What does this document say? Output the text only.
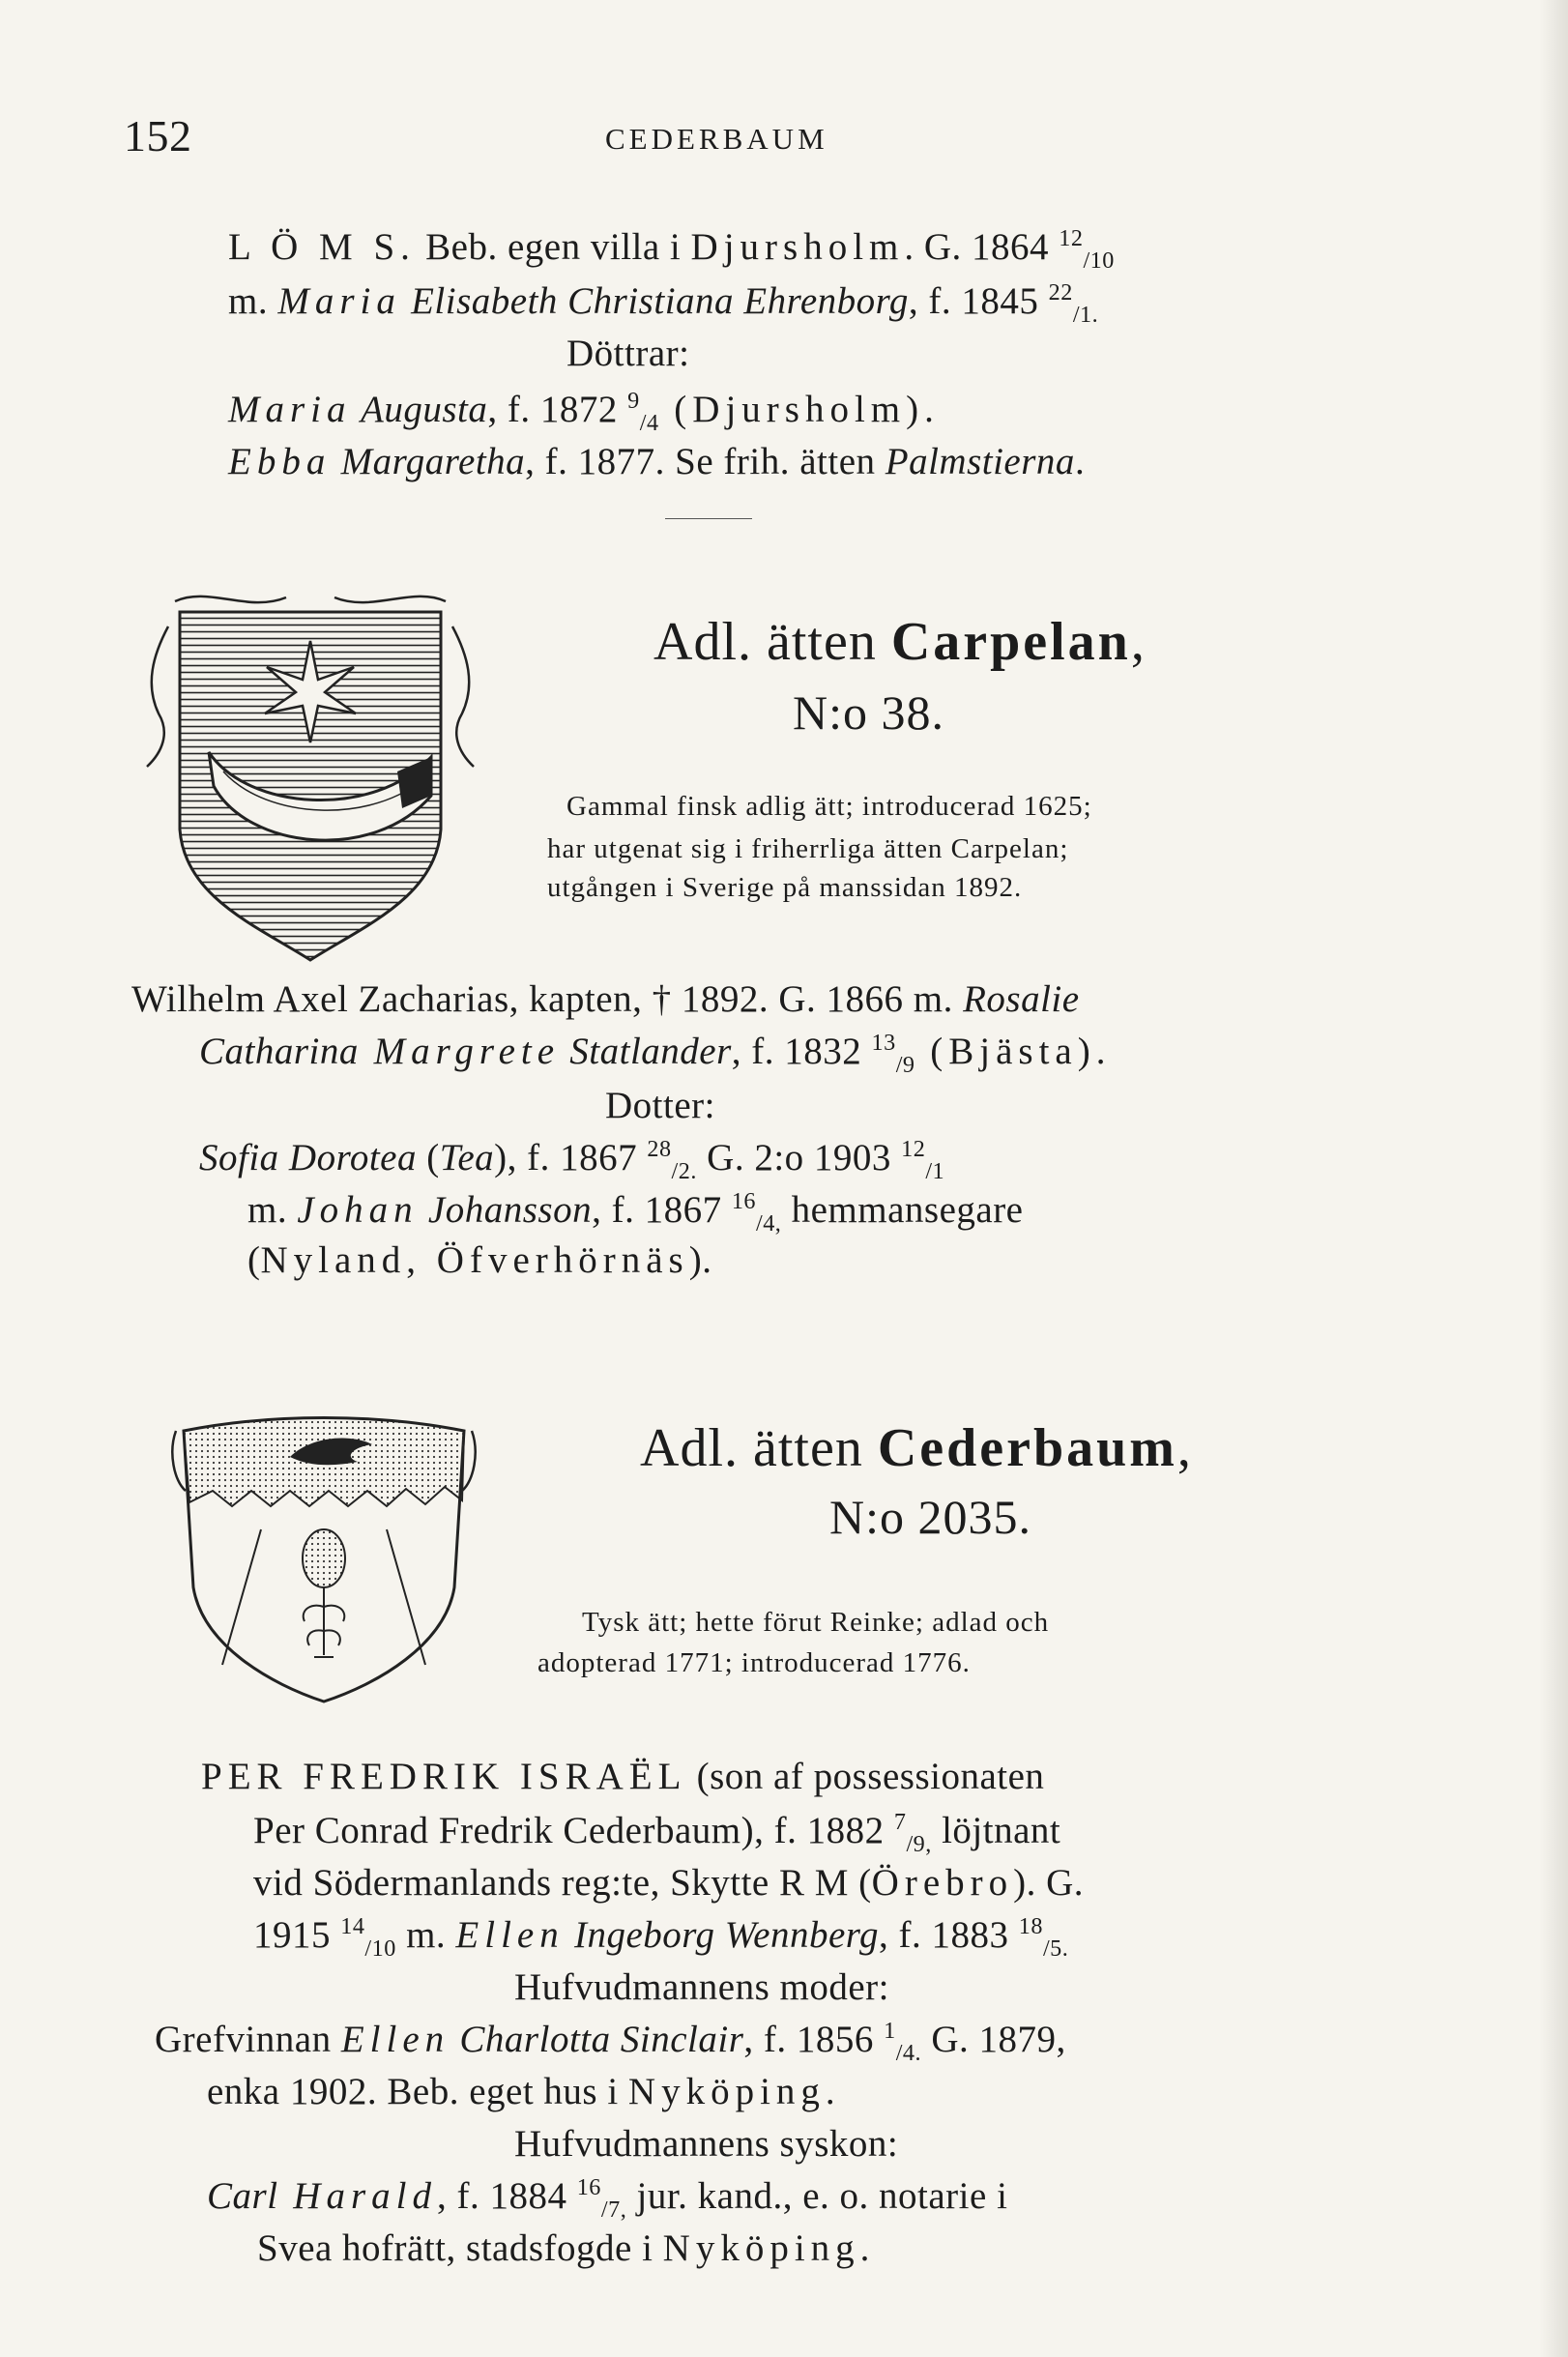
152	CEDERBAUM
L Ö M S. Beb. egen villa i Djursholm. G. 1864 $^{12}_{/10}$
m. Maria Elisabeth Christiana Ehrenborg, f. 1845 $^{22}_{/1.}$
Döttrar:
Maria Augusta, f. 1872 $^9_{/4}$ (Djursholm).
Ebba Margaretha, f. 1877. Se frih. ätten Palmstierna.
Adl. ätten Carpelan,
N:o 38.
Gammal finsk adlig ätt; introducerad 1625;
har utgenat sig i friherrliga ätten Carpelan;
utgången i Sverige på manssidan 1892.
Wilhelm Axel Zacharias, kapten, † 1892. G. 1866 m. Rosalie
Catharina Margrete Statlander, f. 1832 $^{13}_{/9}$ (Bjästa).
Dotter:
Sofia Dorotea (Tea), f. 1867 $^{28}_{/2.}$ G. 2:o 1903 $^{12}_{/1}$
m. Johan Johansson, f. 1867 $^{16}_{/4,}$ hemmansegare
(Nyland, Öfverhörnäs).
Adl. ätten Cederbaum,
N:o 2035.
Tysk ätt; hette förut Reinke; adlad och
adopterad 1771; introducerad 1776.
PER FREDRIK ISRAËL (son af possessionaten
Per Conrad Fredrik Cederbaum), f. 1882 $^7_{/9,}$ löjtnant
vid Södermanlands reg:te, Skytte R M (Örebro). G.
1915 $^{14}_{/10}$ m. Ellen Ingeborg Wennberg, f. 1883 $^{18}_{/5.}$
Hufvudmannens moder:
Grefvinnan Ellen Charlotta Sinclair, f. 1856 $^1_{/4.}$ G. 1879,
enka 1902. Beb. eget hus i Nyköping.
Hufvudmannens syskon:
Carl Harald, f. 1884 $^{16}_{/7,}$ jur. kand., e. o. notarie i
Svea hofrätt, stadsfogde i Nyköping.
